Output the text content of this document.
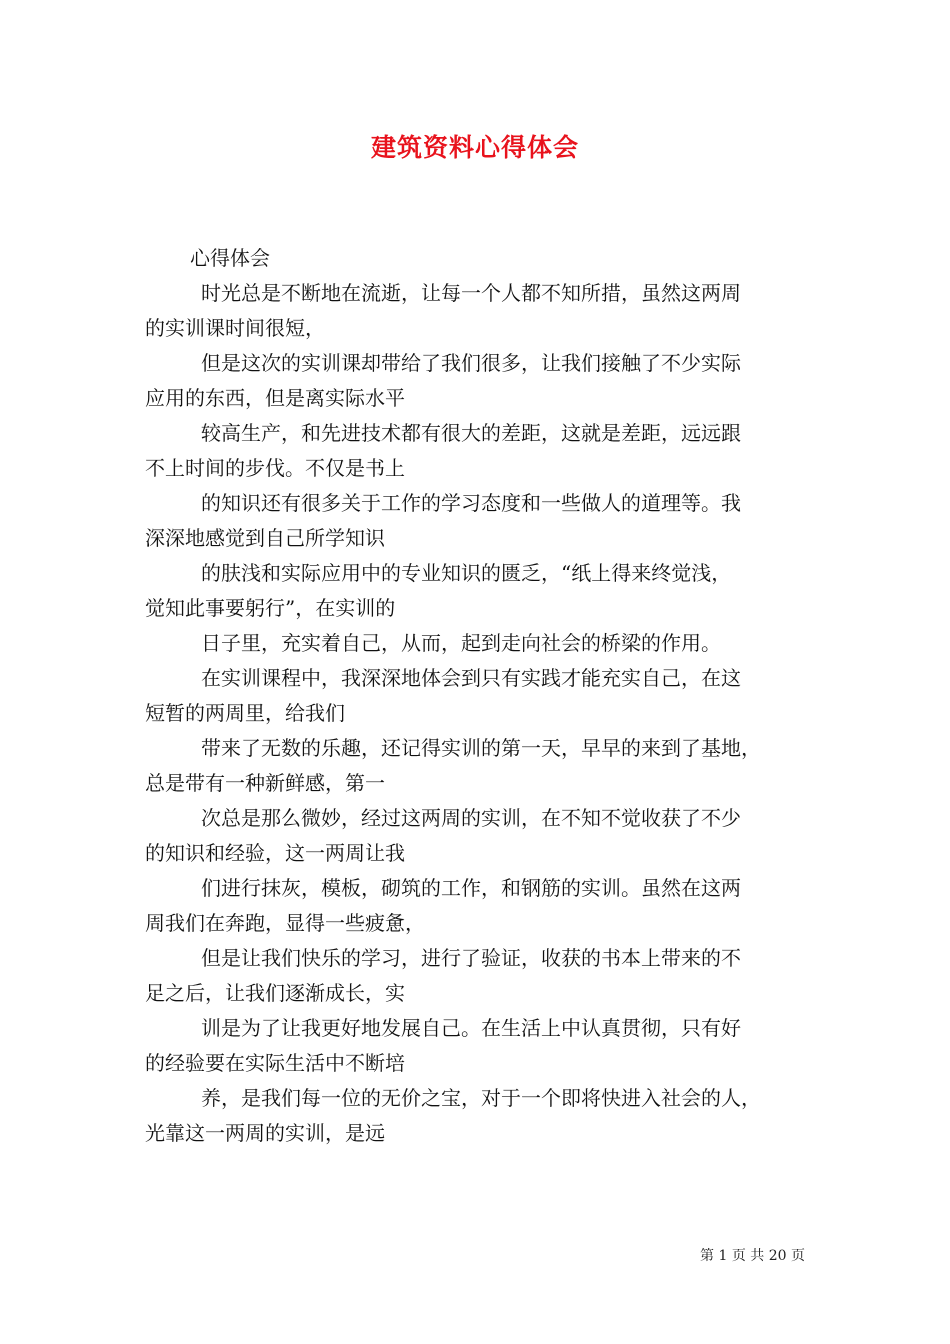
建筑资料心得体会
心得体会
时光总是不断地在流逝，让每一个人都不知所措，虽然这两周
的实训课时间很短，
但是这次的实训课却带给了我们很多，让我们接触了不少实际
应用的东西，但是离实际水平
较高生产，和先进技术都有很大的差距，这就是差距，远远跟
不上时间的步伐。不仅是书上
的知识还有很多关于工作的学习态度和一些做人的道理等。我
深深地感觉到自己所学知识
的肤浅和实际应用中的专业知识的匮乏，“纸上得来终觉浅，
觉知此事要躬行”，在实训的
日子里，充实着自己，从而，起到走向社会的桥梁的作用。
在实训课程中，我深深地体会到只有实践才能充实自己，在这
短暂的两周里，给我们
带来了无数的乐趣，还记得实训的第一天，早早的来到了基地，
总是带有一种新鲜感，第一
次总是那么微妙，经过这两周的实训，在不知不觉收获了不少
的知识和经验，这一两周让我
们进行抹灰，模板，砌筑的工作，和钢筋的实训。虽然在这两
周我们在奔跑，显得一些疲惫，
但是让我们快乐的学习，进行了验证，收获的书本上带来的不
足之后，让我们逐渐成长，实
训是为了让我更好地发展自己。在生活上中认真贯彻，只有好
的经验要在实际生活中不断培
养，是我们每一位的无价之宝，对于一个即将快进入社会的人，
光靠这一两周的实训，是远
第 1 页 共 20 页
